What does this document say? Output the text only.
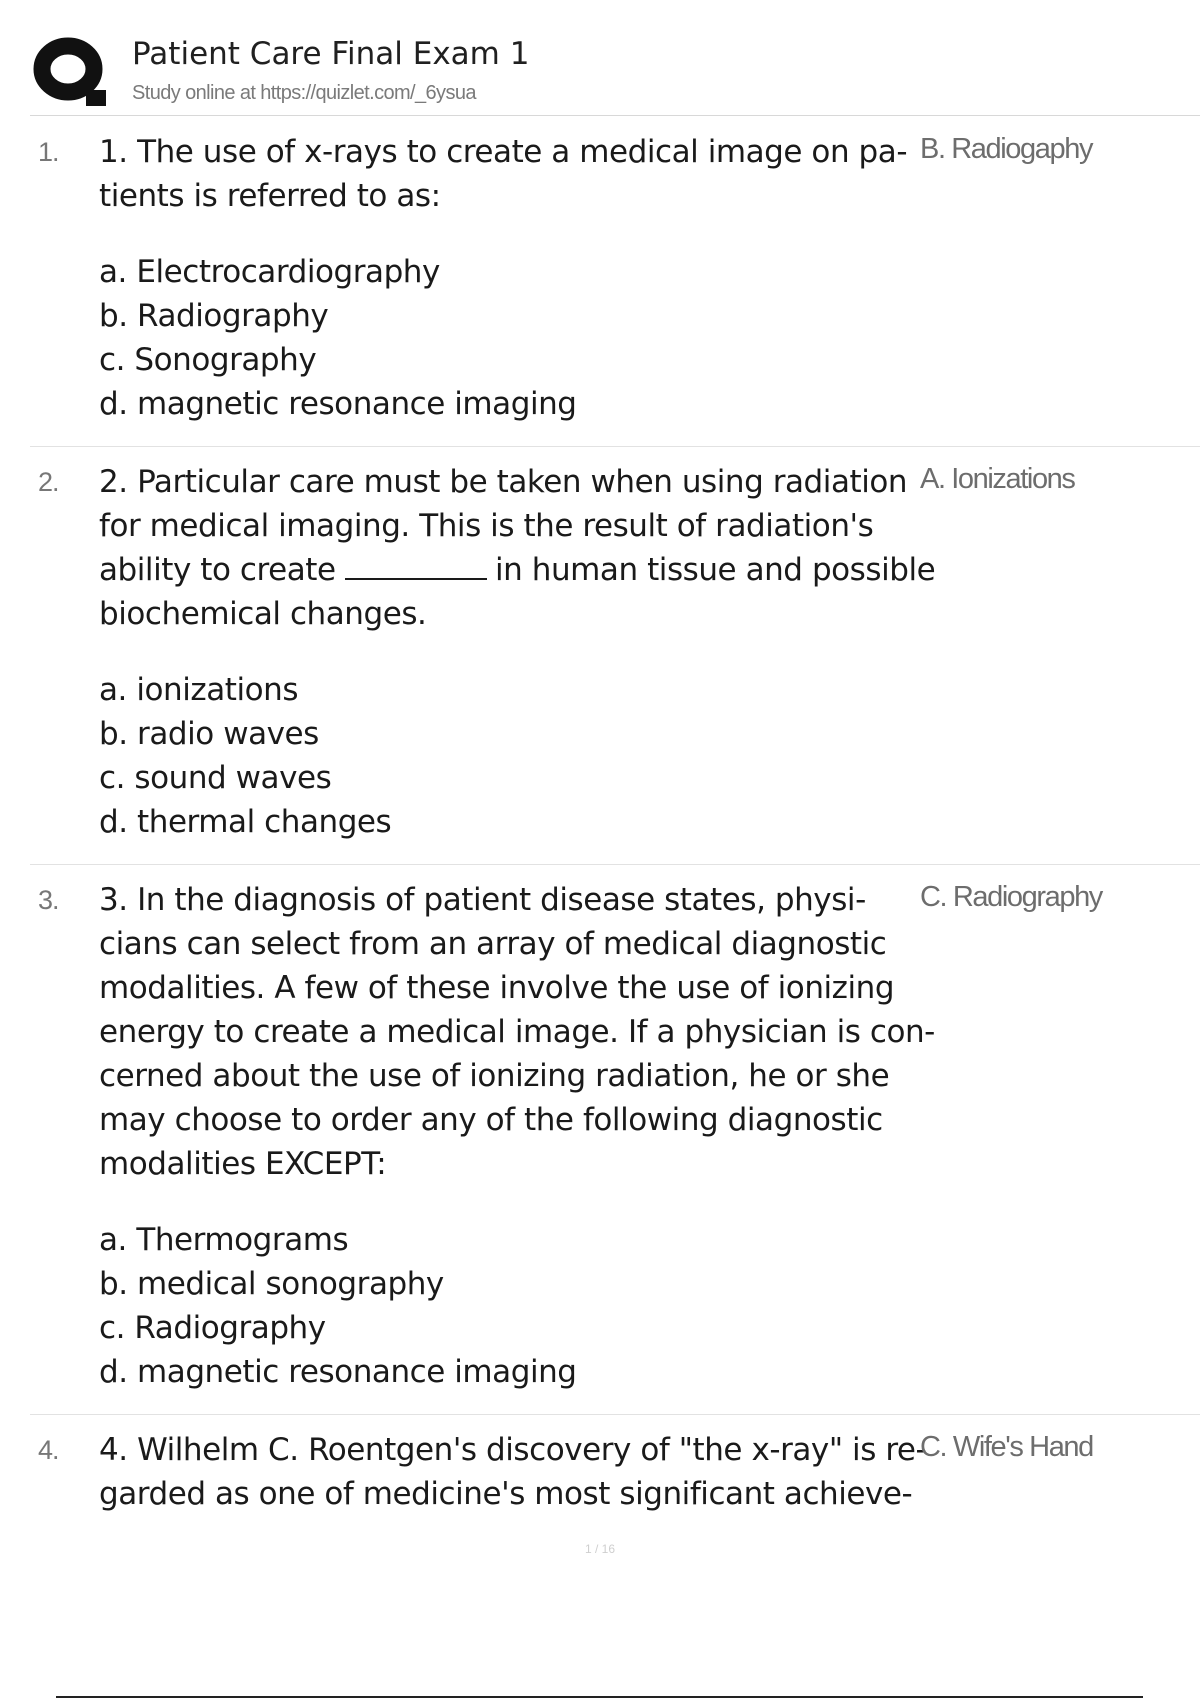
Patient Care Final Exam 1
Study online at https://quizlet.com/_6ysua
1. 1. The use of x-rays to create a medical image on pa- tients is referred to as:
a. Electrocardiography
b. Radiography
c. Sonography
d. magnetic resonance imaging
B. Radiogaphy
2. 2. Particular care must be taken when using radiation for medical imaging. This is the result of radiation's ability to create	in human tissue and possible biochemical changes.
a. ionizations
b. radio waves
c. sound waves
d. thermal changes
A. Ionizations
3. 3. In the diagnosis of patient disease states, physi- cians can select from an array of medical diagnostic modalities. A few of these involve the use of ionizing energy to create a medical image. If a physician is con- cerned about the use of ionizing radiation, he or she may choose to order any of the following diagnostic modalities EXCEPT:
a. Thermograms
b. medical sonography
c. Radiography
d. magnetic resonance imaging
C. Radiography
4. 4. Wilhelm C. Roentgen's discovery of "the x-ray" is re- garded as one of medicine's most significant achieve-
C. Wife's Hand
1 / 16
